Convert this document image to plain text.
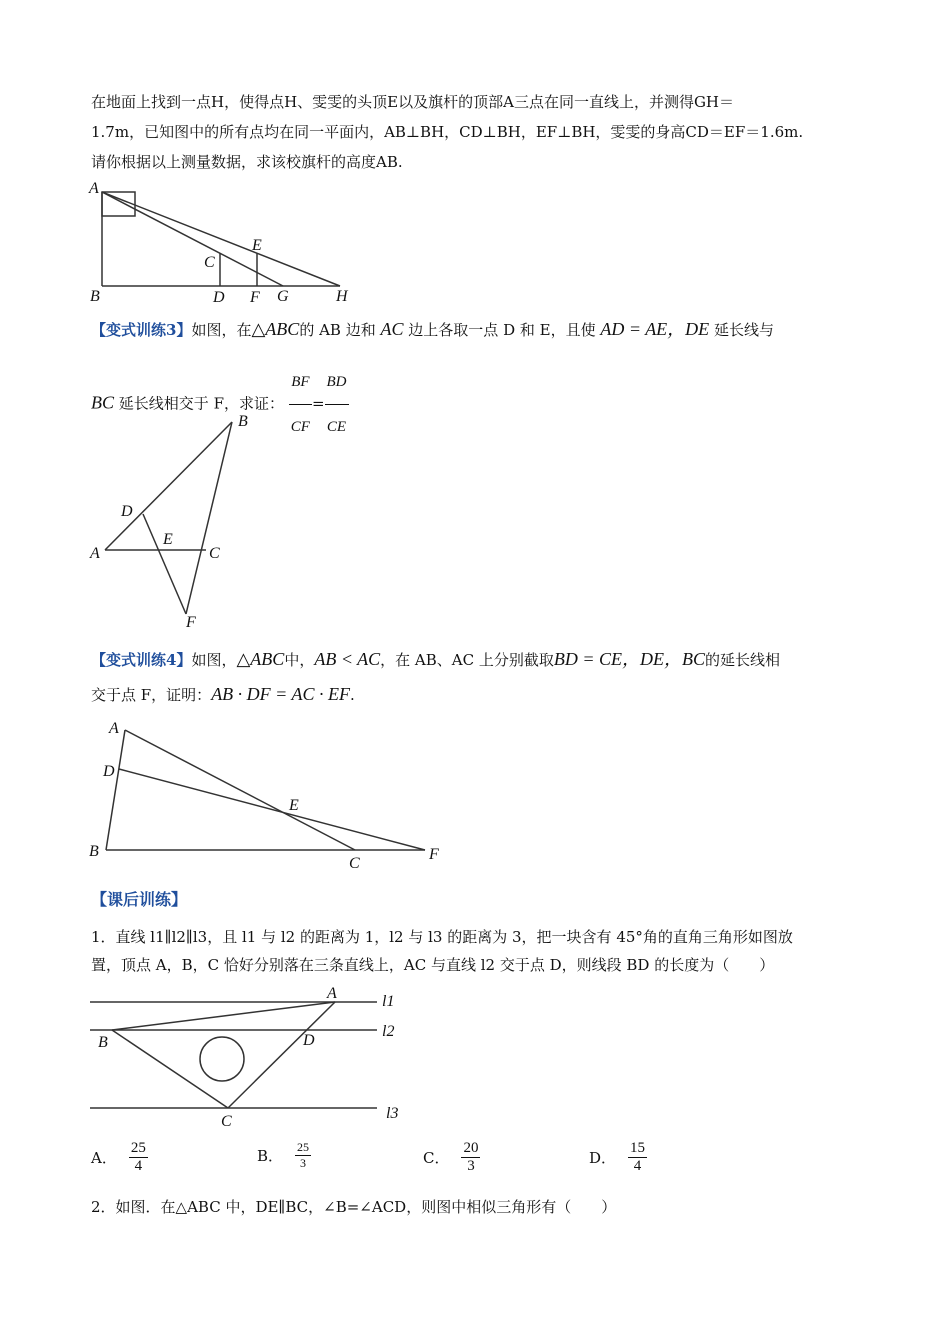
在地面上找到一点H，使得点H、雯雯的头顶E以及旗杆的顶部A三点在同一直线上，并测得GH＝
1.7m，已知图中的所有点均在同一平面内，AB⊥BH，CD⊥BH，EF⊥BH，雯雯的身高CD＝EF＝1.6m.
请你根据以上测量数据，求该校旗杆的高度AB.
A
E
C
B	D F G	H
B
D
E
C
A
F
A
D
E
B
C
F
A
B	D
C
l1
l2
l3
【变式训练3】如图，在△ABC的 AB 边和 AC 边上各取一点 D 和 E，且使 AD = AE，DE 延长线与
BC 延长线相交于 F，求证： $\frac{BF}{CF} = \frac{BD}{CE}$
【变式训练4】如图，△ABC中，AB < AC，在 AB、AC 上分别截取BD = CE，DE，BC的延长线相
交于点 F，证明：AB · DF = AC · EF.
【课后训练】
1．直线 l1∥l2∥l3，且 l1 与 l2 的距离为 1，l2 与 l3 的距离为 3，把一块含有 45°角的直角三角形如图放
置，顶点 A，B，C 恰好分别落在三条直线上，AC 与直线 l2 交于点 D，则线段 BD 的长度为（　　）
A． $\frac{25}{4}$	B． $\frac{25}{3}$	C． $\frac{20}{3}$	D． $\frac{15}{4}$
2．如图．在△ABC 中，DE∥BC，∠B=∠ACD，则图中相似三角形有（　　）
